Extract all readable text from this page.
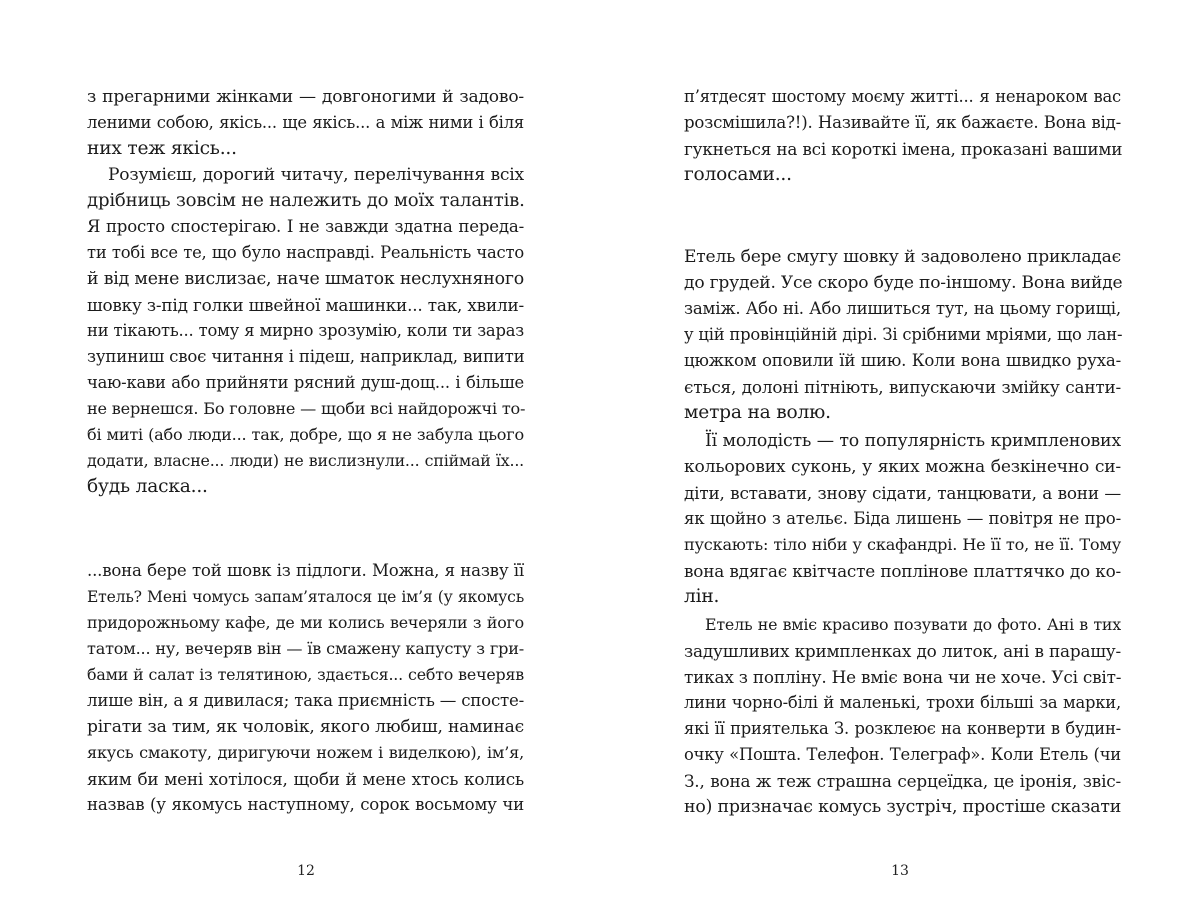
з прегарними жінками — довгоногими й задово-
леними собою, якісь... ще якісь... а між ними і біля
них теж якісь...
Розумієш, дорогий читачу, перелічування всіх
дрібниць зовсім не належить до моїх талантів.
Я просто спостерігаю. І не завжди здатна переда-
ти тобі все те, що було насправді. Реальність часто
й від мене вислизає, наче шматок неслухняного
шовку з-під голки швейної машинки... так, хвили-
ни тікають... тому я мирно зрозумію, коли ти зараз
зупиниш своє читання і підеш, наприклад, випити
чаю-кави або прийняти рясний душ-дощ... і більше
не вернешся. Бо головне — щоби всі найдорожчі то-
бі миті (або люди... так, добре, що я не забула цього
додати, власне... люди) не вислизнули... спіймай їх...
будь ласка...
...вона бере той шовк із підлоги. Можна, я назву її
Етель? Мені чомусь запам’яталося це ім’я (у якомусь
придорожньому кафе, де ми колись вечеряли з його
татом... ну, вечеряв він — їв смажену капусту з гри-
бами й салат із телятиною, здається... себто вечеряв
лише він, а я дивилася; така приємність — спосте-
рігати за тим, як чоловік, якого любиш, наминає
якусь смакоту, диригуючи ножем і виделкою), ім’я,
яким би мені хотілося, щоби й мене хтось колись
назвав (у якомусь наступному, сорок восьмому чи
12
п’ятдесят шостому моєму житті... я ненароком вас
розсмішила?!). Називайте її, як бажаєте. Вона від-
гукнеться на всі короткі імена, проказані вашими
голосами...
Етель бере смугу шовку й задоволено прикладає
до грудей. Усе скоро буде по-іншому. Вона вийде
заміж. Або ні. Або лишиться тут, на цьому горищі,
у цій провінційній дірі. Зі срібними мріями, що лан-
цюжком оповили їй шию. Коли вона швидко руха-
ється, долоні пітніють, випускаючи змійку санти-
метра на волю.
Її молодість — то популярність кримпленових
кольорових суконь, у яких можна безкінечно си-
діти, вставати, знову сідати, танцювати, а вони —
як щойно з ательє. Біда лишень — повітря не про-
пускають: тіло ніби у скафандрі. Не її то, не її. Тому
вона вдягає квітчасте поплінове платтячко до ко-
лін.
Етель не вміє красиво позувати до фото. Ані в тих
задушливих кримпленках до литок, ані в парашу-
тиках з попліну. Не вміє вона чи не хоче. Усі світ-
лини чорно-білі й маленькі, трохи більші за марки,
які її приятелька З. розклеює на конверти в будин-
очку «Пошта. Телефон. Телеграф». Коли Етель (чи
З., вона ж теж страшна серцеїдка, це іронія, звіс-
но) призначає комусь зустріч, простіше сказати
13
